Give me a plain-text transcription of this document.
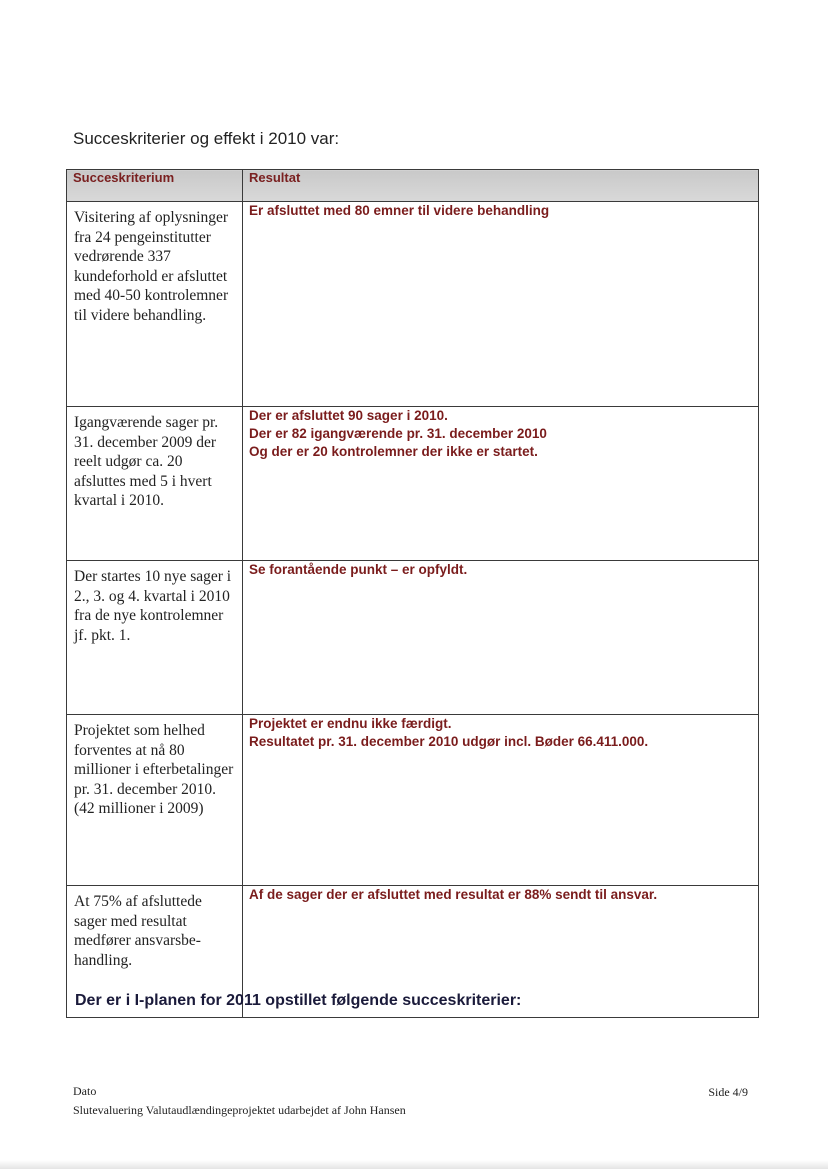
Succeskriterier og effekt i 2010 var:
Succeskriterium	Resultat
Visitering af oplysninger fra 24 pengeinstitutter vedrørende 337 kundeforhold er afsluttet med 40-50 kontrolemner til videre behandling.	Er afsluttet med 80 emner til videre behandling

Igangværende sager pr. 31. december 2009 der reelt udgør ca. 20 afsluttes med 5 i hvert kvartal i 2010.	Der er afsluttet 90 sager i 2010.
Der er 82 igangværende pr. 31. december 2010
Og der er 20 kontrolemner der ikke er startet.

Der startes 10 nye sager i 2., 3. og 4. kvartal i 2010 fra de nye kontrolemner jf. pkt. 1.	Se forantående punkt – er opfyldt.

Projektet som helhed forventes at nå 80 millioner i efterbetalinger pr. 31. december 2010.(42 millioner i 2009)	Projektet er endnu ikke færdigt.
Resultatet pr. 31. december 2010 udgør incl. Bøder 66.411.000.

At 75% af afsluttede sager med resultat medfører ansvarsbe-handling.	Af de sager der er afsluttet med resultat er 88% sendt til ansvar.
Der er i I-planen for 2011 opstillet følgende succeskriterier:
Dato
Slutevaluering Valutaudlændingeprojektet udarbejdet af John Hansen
Side 4/9
